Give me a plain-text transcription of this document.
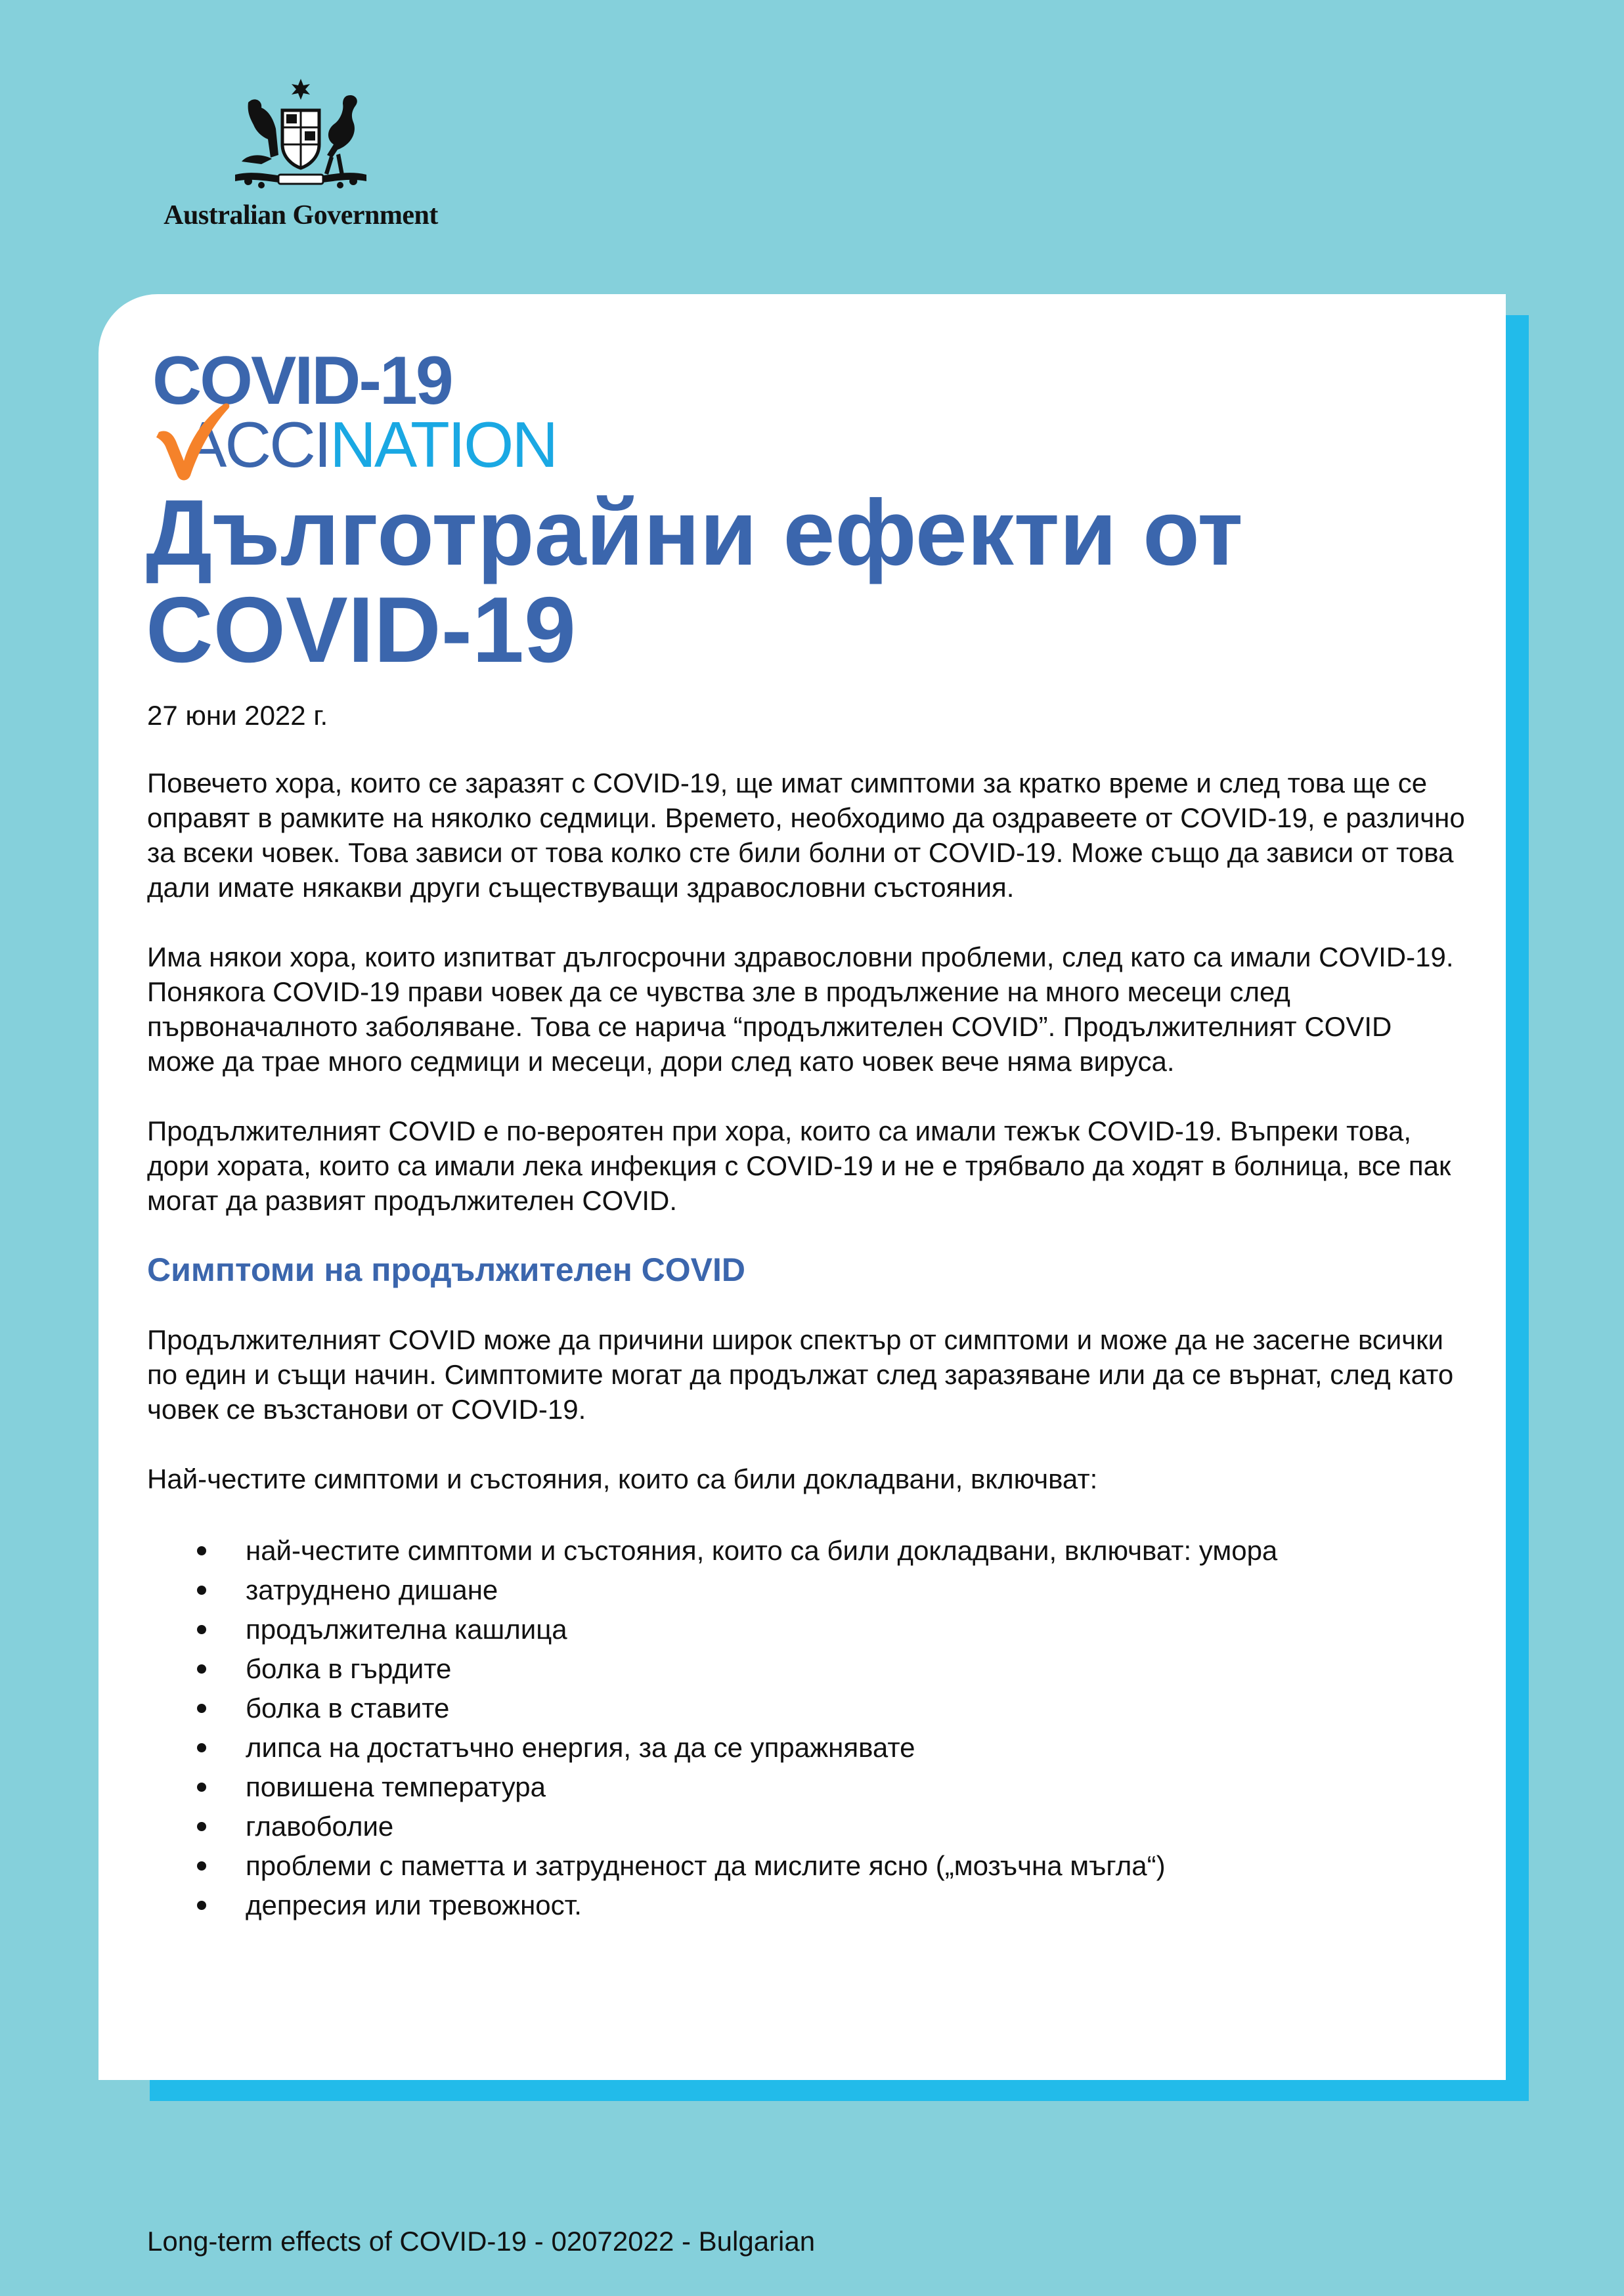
Australian Government
COVID-19
ACCINATION
Дълготрайни ефекти от COVID-19
27 юни 2022 г.

Повечето хора, които се заразят с COVID-19, ще имат симптоми за кратко време и след това ще се оправят в рамките на няколко седмици. Времето, необходимо да оздравеете от COVID-19, е различно за всеки човек. Това зависи от това колко сте били болни от COVID-19. Може също да зависи от това дали имате някакви други съществуващи здравословни състояния.

Има някои хора, които изпитват дългосрочни здравословни проблеми, след като са имали COVID-19. Понякога COVID-19 прави човек да се чувства зле в продължение на много месеци след първоначалното заболяване. Това се нарича “продължителен COVID”. Продължителният COVID може да трае много седмици и месеци, дори след като човек вече няма вируса.

Продължителният COVID е по-вероятен при хора, които са имали тежък COVID-19. Въпреки това, дори хората, които са имали лека инфекция с COVID-19 и не е трябвало да ходят в болница, все пак могат да развият продължителен COVID.

Симптоми на продължителен COVID

Продължителният COVID може да причини широк спектър от симптоми и може да не засегне всички по един и същи начин. Симптомите могат да продължат след заразяване или да се върнат, след като човек се възстанови от COVID-19.

Най-честите симптоми и състояния, които са били докладвани, включват:

най-честите симптоми и състояния, които са били докладвани, включват: умора
затруднено дишане
продължителна кашлица
болка в гърдите
болка в ставите
липса на достатъчно енергия, за да се упражнявате
повишена температура
главоболие
проблеми с паметта и затрудненост да мислите ясно („мозъчна мъгла“)
депресия или тревожност.
Long-term effects of COVID-19 - 02072022 - Bulgarian
